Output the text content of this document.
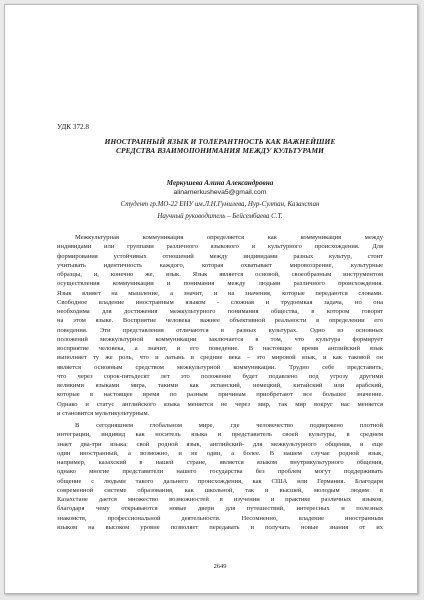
УДК 372.8
ИНОСТРАННЫЙ ЯЗЫК И ТОЛЕРАНТНОСТЬ КАК ВАЖНЕЙШИЕ
СРЕДСТВА ВЗАИМОПОНИМАНИЯ МЕЖДУ КУЛЬТУРАМИ
Меркушева Алина Александровна
alinamerkusheva5@gmail.com
Студент гр.МО-22 ЕНУ им.Л.Н.Гумилева, Нур-Султан, Казахстан
Научный руководитель – Бейсембаева С.Т.

Межкультурная коммуникация определяется как коммуникация между
индивидами или группами различного языкового и культурного происхождения. Для
формирования устойчивых отношений между индивидами разных культур, стоит
учитывать идентичность каждого, которая охватывает мировоззрение, культурные
образцы, и, конечно же, язык. Язык является основой, своеобразным инструментом
осуществления коммуникации и понимания между людьми различного происхождения.
Язык влияет на мышление, а значит, и на значения, которые передаются словами.
Свободное владение иностранным языком - сложная и трудоемкая задача, но она
необходима для достижения межкультурного понимания общества, в котором говорят
на этом языке. Восприятие человека важнее объективной реальности в определении его
поведения. Эти представления отличаются в разных культурах. Одно из основных
положений межкультурной коммуникации заключается в том, что культура формирует
восприятие человека, а значит, и его поведение. В настоящее время английский язык
выполняет ту же роль, что и латынь в средние века – это мировой язык, и как таковой он
является основным средством межкультурной коммуникации. Трудно себе представить,
что через сорок-пятьдесят лет это положение будет подавлено под угрозу другими
великими языками мира, такими как испанский, немецкий, китайский или арабский,
которые в настоящее время по разным причинам приобретают все большее значение.
Однако и статус английского языка меняется не через мир, так мир вокруг нас меняется
и становится мультикультурным.

В сегодняшнем глобальном мире, где человечество подвержено плотной
интеграции, индивид как носитель языка и представитель своей культуры, в среднем
знает два-три языка: свой родной язык, английский- для межкультурного общения, и еще
один иностранный, а возможно, и не один, а более. В нашем случае родной язык,
например, казахский в нашей стране, является языком внутрикультурного общения,
однако многие представители нашего государства без проблем могут поддерживать
общение с людьми такого дальнего происхождения, как США или Германия. Благодаря
современной системе образования, как школьной, так и высшей, молодым людям в
Казахстане дается множество возможностей в изучении и практике различных языков,
благодаря чему открываются новые двери для путешествий, интересных и полезных
знакомств, профессиональной деятельности. Несомненно, владение иностранным
языком на высоком уровне позволяет передавать и получать новые знания от их

2649
